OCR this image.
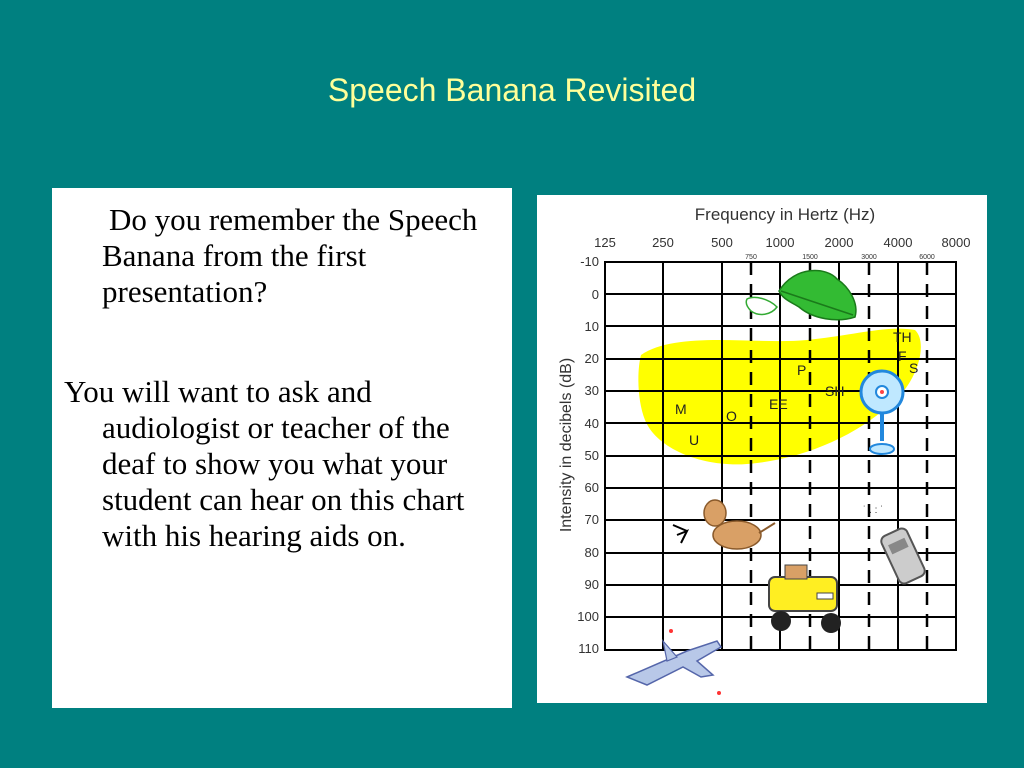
Speech Banana Revisited

Do you remember the Speech Banana from the first presentation?

You will want to ask and audiologist or teacher of the deaf to show you what your student can hear on this chart with his hearing aids on.

Frequency in Hertz (Hz)
125	250	500	1000 2000 4000 8000
750	1500	3000	6000
Intensity in decibels (dB)
-10
0
10
20
30
40
50
60
70
80
90
100
110
M
U
O
EE
P
SH
TH
F
S
˙ . : ˙
